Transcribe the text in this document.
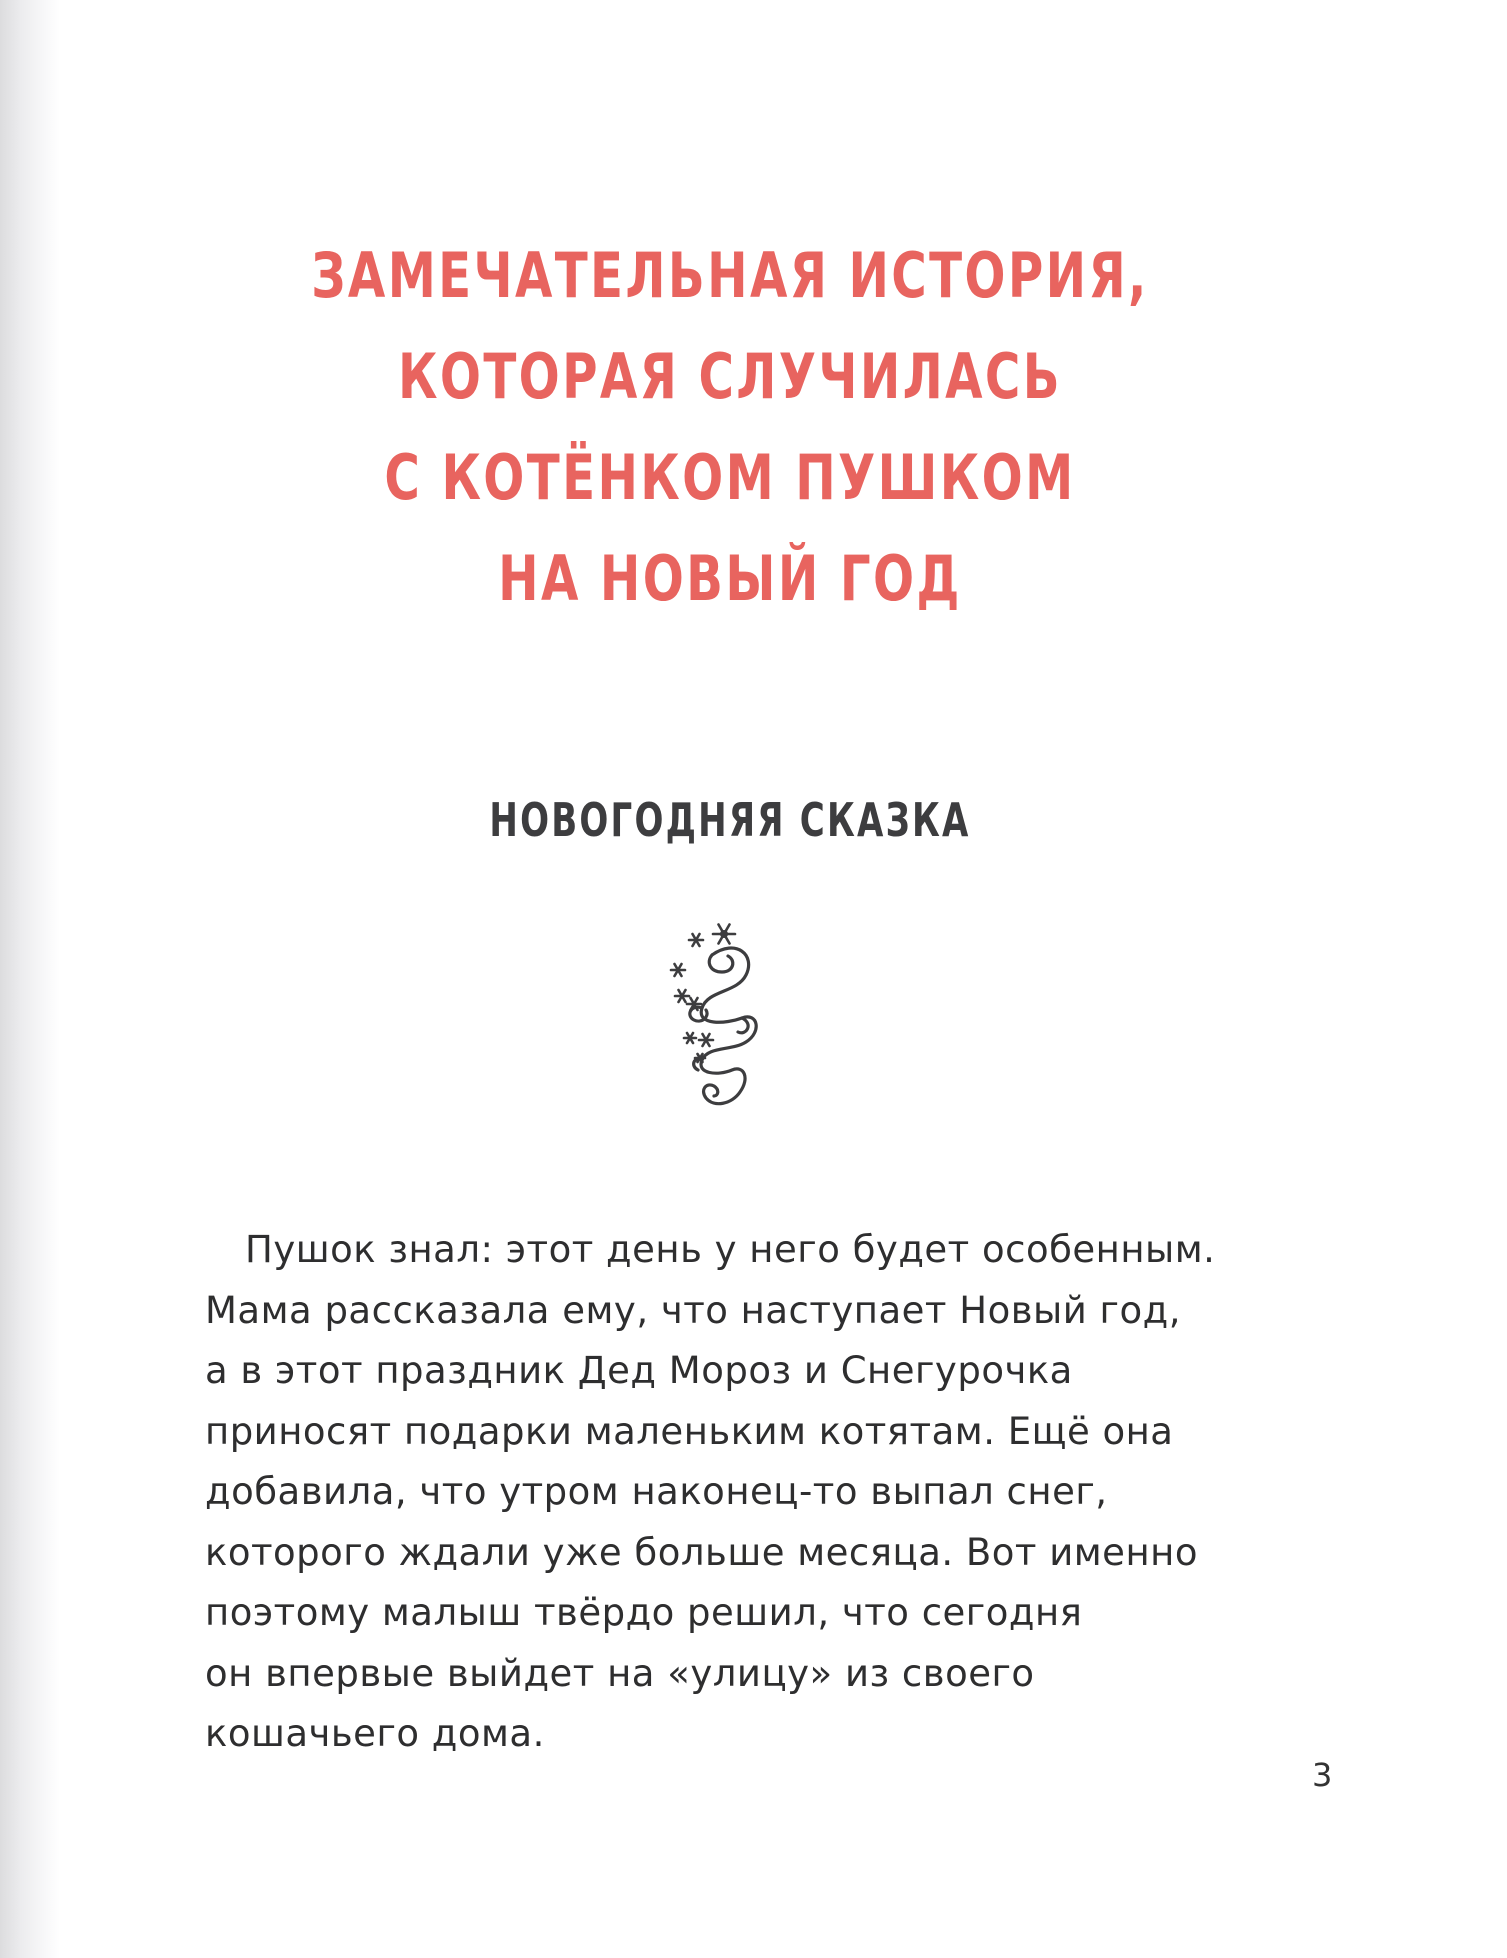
ЗАМЕЧАТЕЛЬНАЯ ИСТОРИЯ,
КОТОРАЯ СЛУЧИЛАСЬ
С КОТЁНКОМ ПУШКОМ
НА НОВЫЙ ГОД
НОВОГОДНЯЯ СКАЗКА
Пушок знал: этот день у него будет особенным.
Мама рассказала ему, что наступает Новый год,
а в этот праздник Дед Мороз и Снегурочка
приносят подарки маленьким котятам. Ещё она
добавила, что утром наконец-то выпал снег,
которого ждали уже больше месяца. Вот именно
поэтому малыш твёрдо решил, что сегодня
он впервые выйдет на «улицу» из своего
кошачьего дома.
3
